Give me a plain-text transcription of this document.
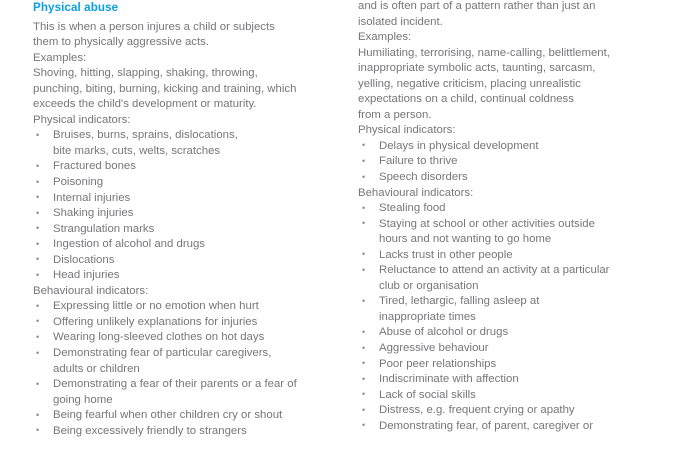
Physical abuse
This is when a person injures a child or subjects
them to physically aggressive acts.
Examples:
Shoving, hitting, slapping, shaking, throwing,
punching, biting, burning, kicking and training, which
exceeds the child's development or maturity.
Physical indicators:
• Bruises, burns, sprains, dislocations,
bite marks, cuts, welts, scratches
• Fractured bones
• Poisoning
• Internal injuries
• Shaking injuries
• Strangulation marks
• Ingestion of alcohol and drugs
• Dislocations
• Head injuries
Behavioural indicators:
• Expressing little or no emotion when hurt
• Offering unlikely explanations for injuries
• Wearing long-sleeved clothes on hot days
• Demonstrating fear of particular caregivers,
adults or children
• Demonstrating a fear of their parents or a fear of
going home
• Being fearful when other children cry or shout
• Being excessively friendly to strangers
and is often part of a pattern rather than just an
isolated incident.
Examples:
Humiliating, terrorising, name-calling, belittlement,
inappropriate symbolic acts, taunting, sarcasm,
yelling, negative criticism, placing unrealistic
expectations on a child, continual coldness
from a person.
Physical indicators:
• Delays in physical development
• Failure to thrive
• Speech disorders
Behavioural indicators:
• Stealing food
• Staying at school or other activities outside
hours and not wanting to go home
• Lacks trust in other people
• Reluctance to attend an activity at a particular
club or organisation
• Tired, lethargic, falling asleep at
inappropriate times
• Abuse of alcohol or drugs
• Aggressive behaviour
• Poor peer relationships
• Indiscriminate with affection
• Lack of social skills
• Distress, e.g. frequent crying or apathy
• Demonstrating fear, of parent, caregiver or
